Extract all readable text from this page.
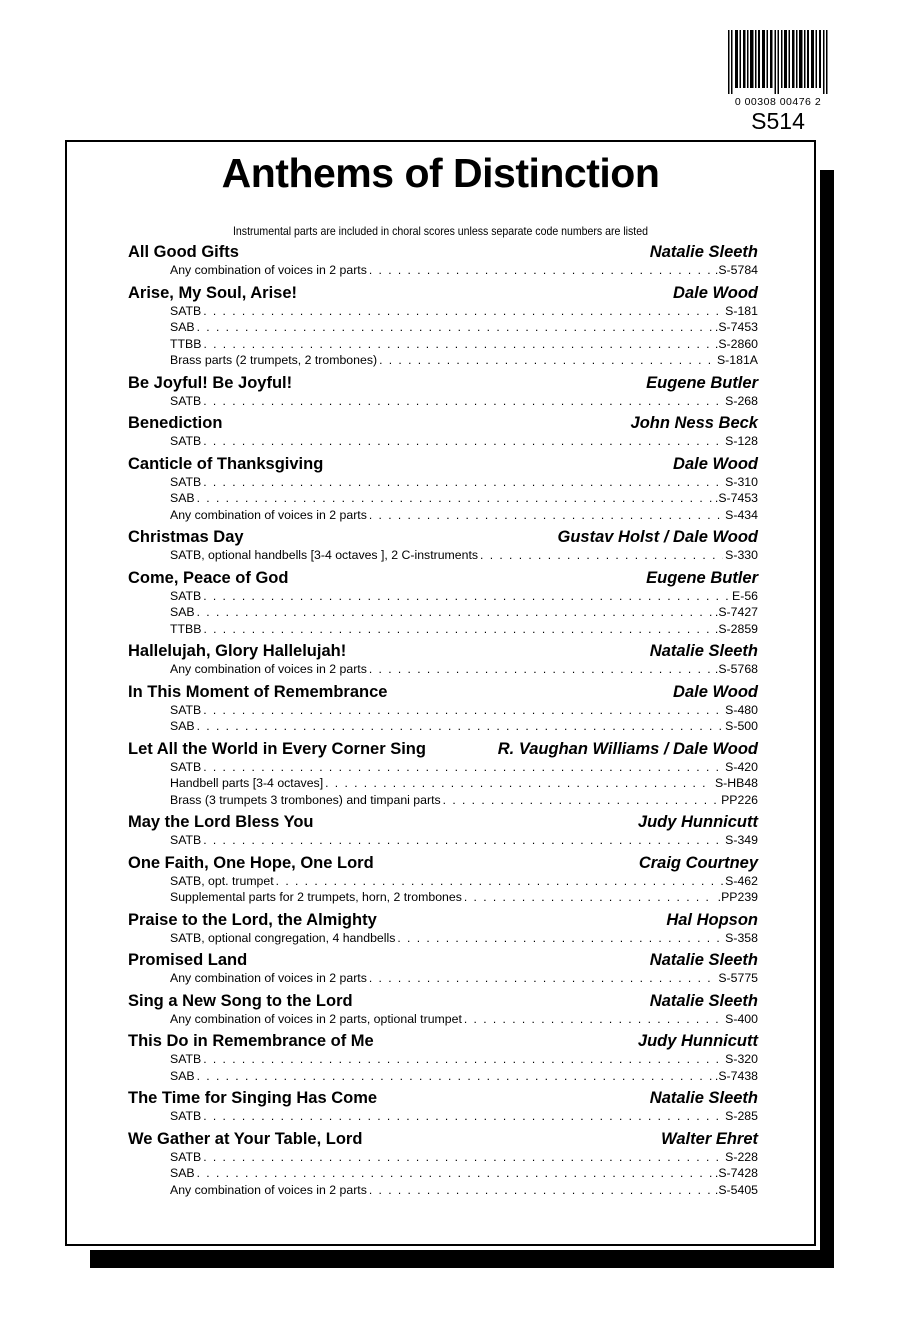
0 00308 00476 2
S514
Anthems of Distinction
Instrumental parts are included in choral scores unless separate code numbers are listed
All Good Gifts	Natalie Sleeth
Any combination of voices in 2 parts . . .	.S-5784
Arise, My Soul, Arise!	Dale Wood
SATB . . .	S-181
SAB . . .	.S-7453
TTBB . . .	.S-2860
Brass parts (2 trumpets, 2 trombones) . . .	S-181A
Be Joyful! Be Joyful!	Eugene Butler
SATB . . .	S-268
Benediction	John Ness Beck
SATB . . .	S-128
Canticle of Thanksgiving	Dale Wood
SATB . . .	S-310
SAB . . .	.S-7453
Any combination of voices in 2 parts . . .	S-434
Christmas Day	Gustav Holst / Dale Wood
SATB, optional handbells [3-4 octaves ], 2 C-instruments . . .	S-330
Come, Peace of God	Eugene Butler
SATB . . .	E-56
SAB . . .	.S-7427
TTBB . . .	.S-2859
Hallelujah, Glory Hallelujah!	Natalie Sleeth
Any combination of voices in 2 parts . . .	.S-5768
In This Moment of Remembrance	Dale Wood
SATB . . .	S-480
SAB . . .	S-500
Let All the World in Every Corner Sing	R. Vaughan Williams / Dale Wood
SATB . . .	S-420
Handbell parts [3-4 octaves] . . .	S-HB48
Brass (3 trumpets 3 trombones) and timpani parts . . .	PP226
May the Lord Bless You	Judy Hunnicutt
SATB . . .	S-349
One Faith, One Hope, One Lord	Craig Courtney
SATB, opt. trumpet . . .	S-462
Supplemental parts for 2 trumpets, horn, 2 trombones . . .	.PP239
Praise to the Lord, the Almighty	Hal Hopson
SATB, optional congregation, 4 handbells . . .	S-358
Promised Land	Natalie Sleeth
Any combination of voices in 2 parts . . .	S-5775
Sing a New Song to the Lord	Natalie Sleeth
Any combination of voices in 2 parts, optional trumpet . . .	S-400
This Do in Remembrance of Me	Judy Hunnicutt
SATB . . .	S-320
SAB . . .	.S-7438
The Time for Singing Has Come	Natalie Sleeth
SATB . . .	S-285
We Gather at Your Table, Lord	Walter Ehret
SATB . . .	S-228
SAB . . .	.S-7428
Any combination of voices in 2 parts . . .	.S-5405
